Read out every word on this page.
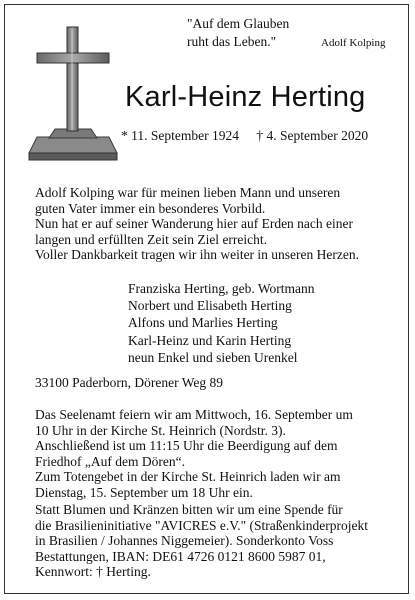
"Auf dem Glauben
ruht das Leben."	Adolf Kolping
Karl-Heinz Herting
* 11. September 1924 † 4. September 2020
Adolf Kolping war für meinen lieben Mann und unseren
guten Vater immer ein besonderes Vorbild.
Nun hat er auf seiner Wanderung hier auf Erden nach einer
langen und erfüllten Zeit sein Ziel erreicht.
Voller Dankbarkeit tragen wir ihn weiter in unseren Herzen.
Franziska Herting, geb. Wortmann
Norbert und Elisabeth Herting
Alfons und Marlies Herting
Karl-Heinz und Karin Herting
neun Enkel und sieben Urenkel
33100 Paderborn, Dörener Weg 89
Das Seelenamt feiern wir am Mittwoch, 16. September um
10 Uhr in der Kirche St. Heinrich (Nordstr. 3).
Anschließend ist um 11:15 Uhr die Beerdigung auf dem
Friedhof „Auf dem Dören“.
Zum Totengebet in der Kirche St. Heinrich laden wir am
Dienstag, 15. September um 18 Uhr ein.
Statt Blumen und Kränzen bitten wir um eine Spende für
die Brasilieninitiative "AVICRES e.V." (Straßenkinderprojekt
in Brasilien / Johannes Niggemeier). Sonderkonto Voss
Bestattungen, IBAN: DE61 4726 0121 8600 5987 01,
Kennwort: † Herting.
